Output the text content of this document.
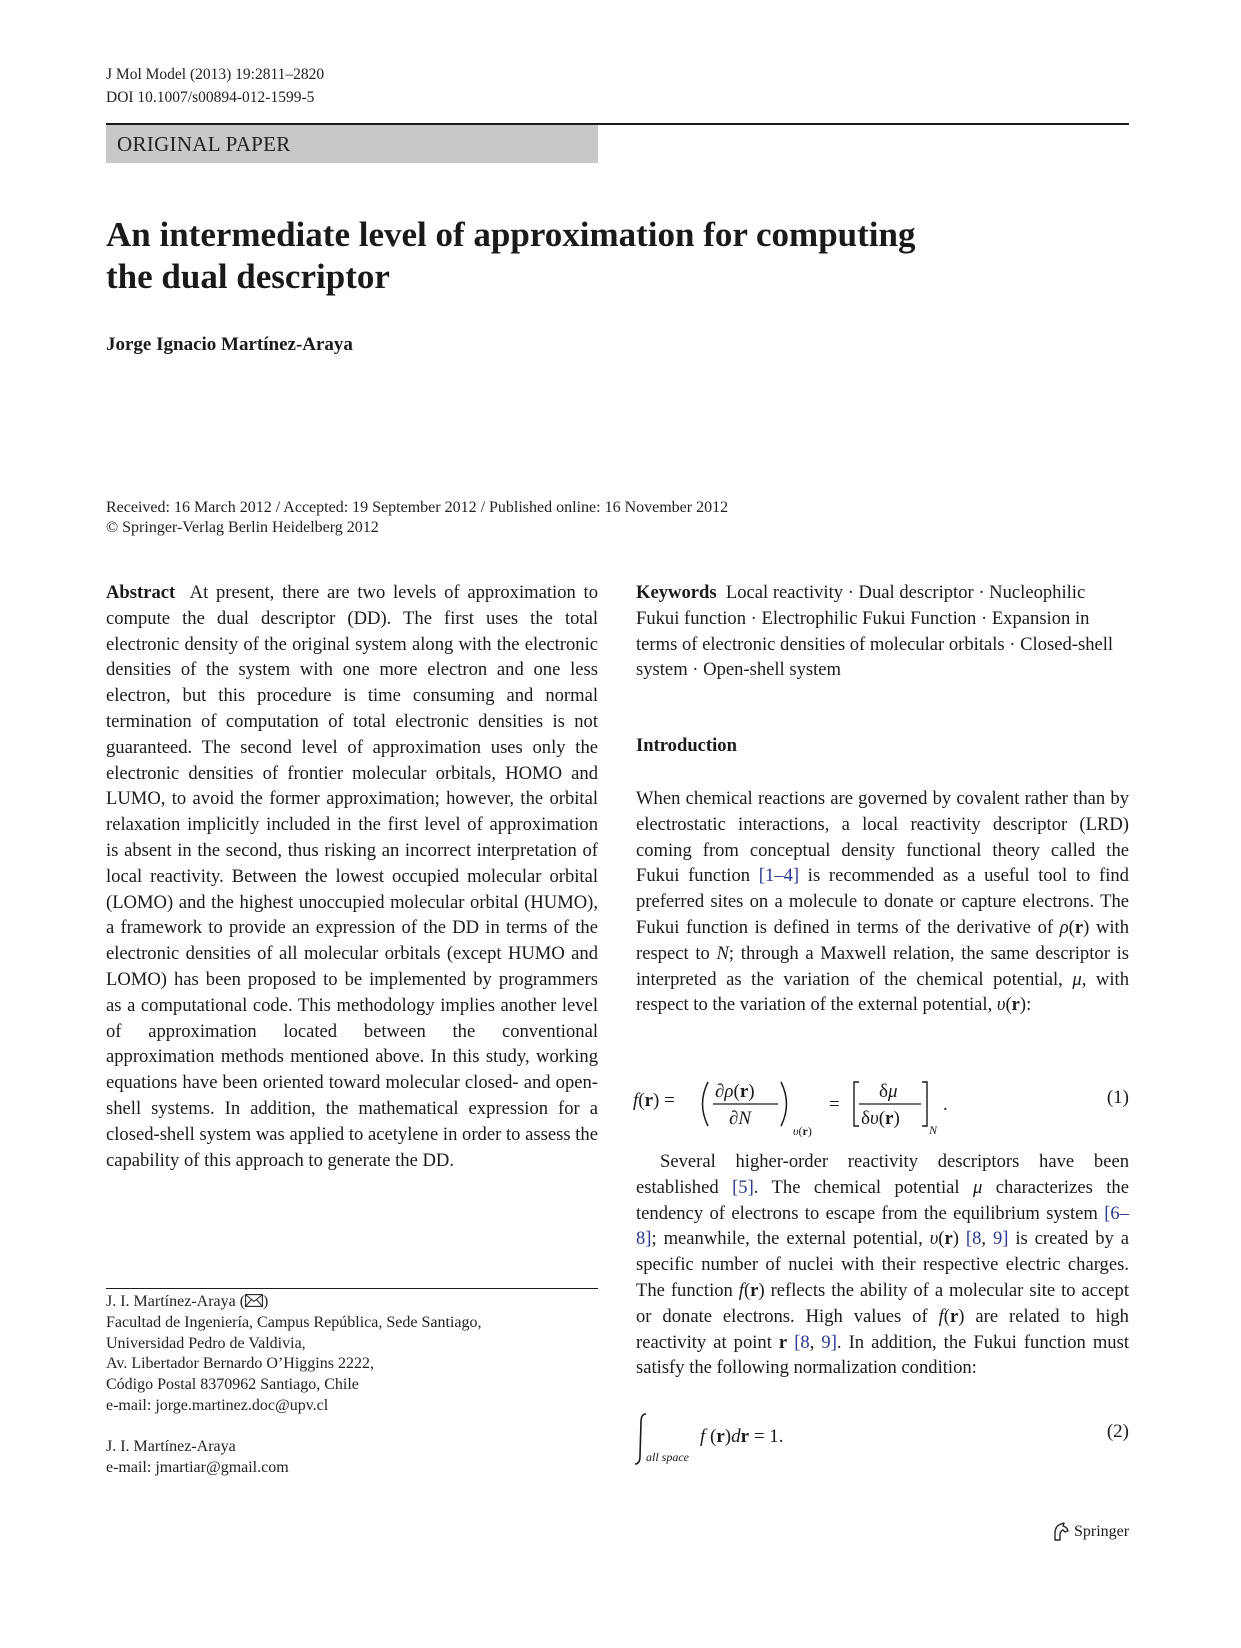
J Mol Model (2013) 19:2811–2820
DOI 10.1007/s00894-012-1599-5
ORIGINAL PAPER
An intermediate level of approximation for computing
the dual descriptor
Jorge Ignacio Martínez-Araya
Received: 16 March 2012 / Accepted: 19 September 2012 / Published online: 16 November 2012
© Springer-Verlag Berlin Heidelberg 2012
Abstract At present, there are two levels of approximation to compute the dual descriptor (DD). The first uses the total electronic density of the original system along with the electronic densities of the system with one more electron and one less electron, but this procedure is time consuming and normal termination of computation of total electronic densities is not guaranteed. The second level of approximation uses only the electronic densities of frontier molecular orbitals, HOMO and LUMO, to avoid the former approximation; however, the orbital relaxation implicitly included in the first level of approximation is absent in the second, thus risking an incorrect interpretation of local reactivity. Between the lowest occupied molecular orbital (LOMO) and the highest unoccupied molecular orbital (HUMO), a framework to provide an expression of the DD in terms of the electronic densities of all molecular orbitals (except HUMO and LOMO) has been proposed to be implemented by programmers as a computational code. This methodology implies another level of approximation located between the conventional approximation methods mentioned above. In this study, working equations have been oriented toward molecular closed- and open-shell systems. In addition, the mathematical expression for a closed-shell system was applied to acetylene in order to assess the capability of this approach to generate the DD.
Keywords Local reactivity · Dual descriptor · Nucleophilic Fukui function · Electrophilic Fukui Function · Expansion in terms of electronic densities of molecular orbitals · Closed-shell system · Open-shell system
Introduction
When chemical reactions are governed by covalent rather than by electrostatic interactions, a local reactivity descriptor (LRD) coming from conceptual density functional theory called the Fukui function [1–4] is recommended as a useful tool to find preferred sites on a molecule to donate or capture electrons. The Fukui function is defined in terms of the derivative of ρ(r) with respect to N; through a Maxwell relation, the same descriptor is interpreted as the variation of the chemical potential, μ, with respect to the variation of the external potential, υ(r):
f(r) = ∂ρ(r)
∂N
υ(r)
=
δμ
δυ(r)
N
.	(1)
Several higher-order reactivity descriptors have been established [5]. The chemical potential μ characterizes the tendency of electrons to escape from the equilibrium system [6–8]; meanwhile, the external potential, υ(r) [8, 9] is created by a specific number of nuclei with their respective electric charges. The function f(r) reflects the ability of a molecular site to accept or donate electrons. High values of f(r) are related to high reactivity at point r [8, 9]. In addition, the Fukui function must satisfy the following normalization condition:
all space
f (r)dr = 1.	(2)
J. I. Martínez-Araya ( )
Facultad de Ingeniería, Campus República, Sede Santiago,
Universidad Pedro de Valdivia,
Av. Libertador Bernardo O’Higgins 2222,
Código Postal 8370962 Santiago, Chile
e-mail: jorge.martinez.doc@upv.cl
J. I. Martínez-Araya
e-mail: jmartiar@gmail.com
Springer
